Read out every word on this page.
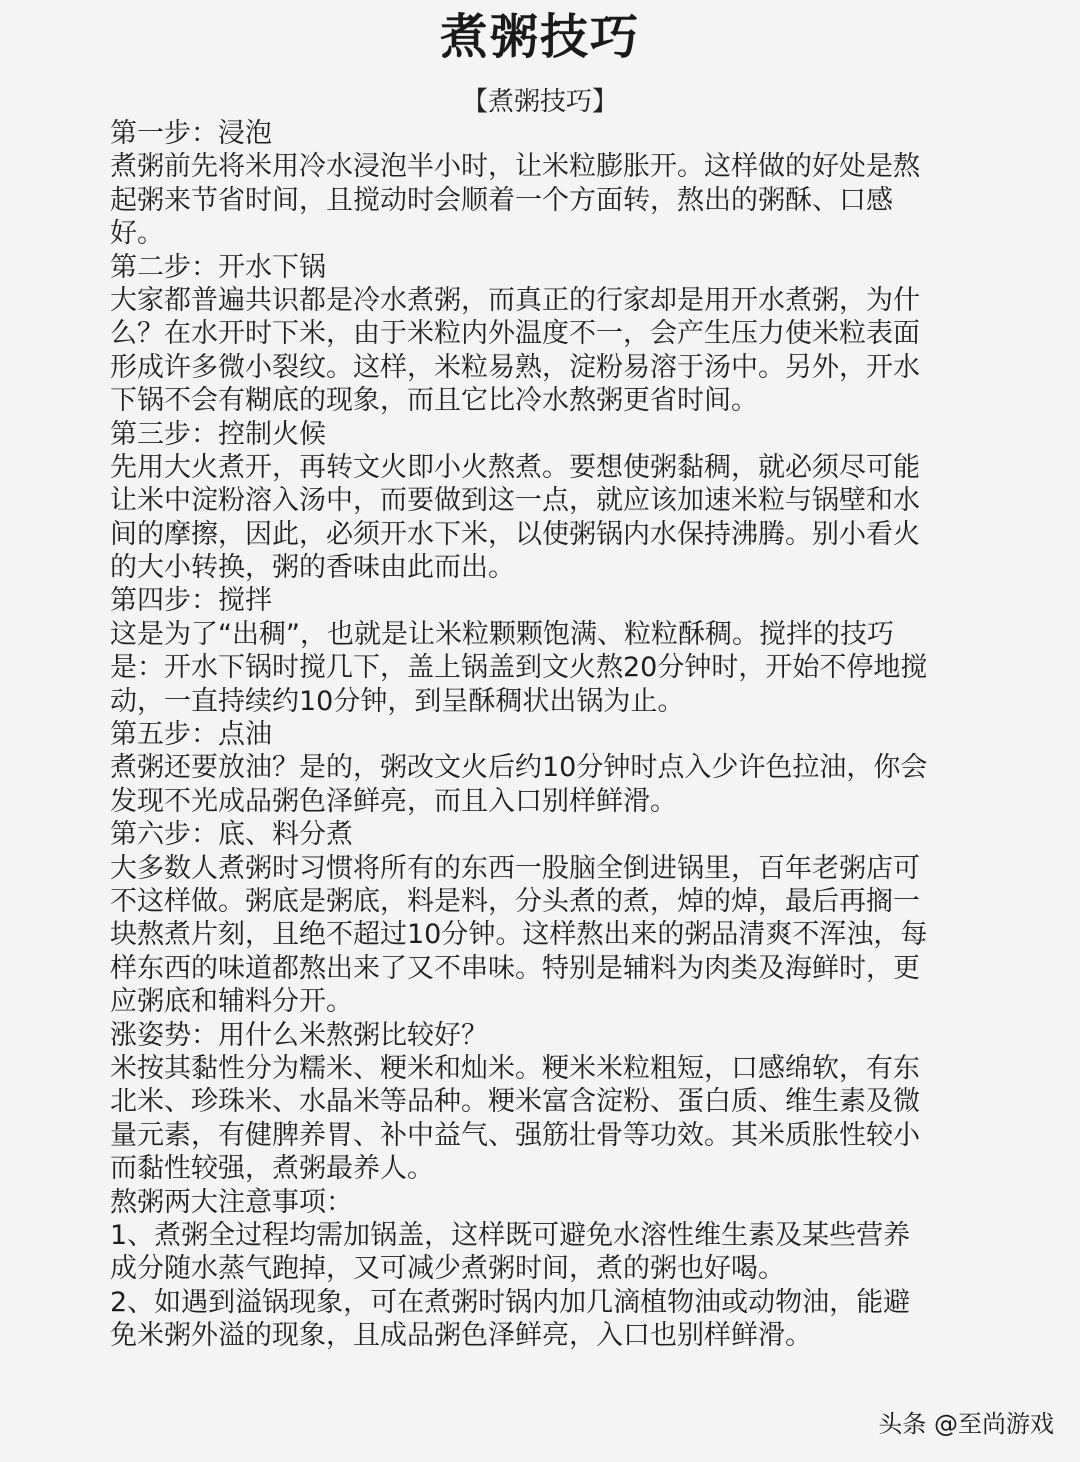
煮粥技巧
【煮粥技巧】
第一步：浸泡
煮粥前先将米用冷水浸泡半小时，让米粒膨胀开。这样做的好处是熬
起粥来节省时间，且搅动时会顺着一个方面转，熬出的粥酥、口感
好。
第二步：开水下锅
大家都普遍共识都是冷水煮粥，而真正的行家却是用开水煮粥，为什
么？在水开时下米，由于米粒内外温度不一，会产生压力使米粒表面
形成许多微小裂纹。这样，米粒易熟，淀粉易溶于汤中。另外，开水
下锅不会有糊底的现象，而且它比冷水熬粥更省时间。
第三步：控制火候
先用大火煮开，再转文火即小火熬煮。要想使粥黏稠，就必须尽可能
让米中淀粉溶入汤中，而要做到这一点，就应该加速米粒与锅壁和水
间的摩擦，因此，必须开水下米，以使粥锅内水保持沸腾。别小看火
的大小转换，粥的香味由此而出。
第四步：搅拌
这是为了“出稠”，也就是让米粒颗颗饱满、粒粒酥稠。搅拌的技巧
是：开水下锅时搅几下，盖上锅盖到文火熬20分钟时，开始不停地搅
动，一直持续约10分钟，到呈酥稠状出锅为止。
第五步：点油
煮粥还要放油？是的，粥改文火后约10分钟时点入少许色拉油，你会
发现不光成品粥色泽鲜亮，而且入口别样鲜滑。
第六步：底、料分煮
大多数人煮粥时习惯将所有的东西一股脑全倒进锅里，百年老粥店可
不这样做。粥底是粥底，料是料，分头煮的煮，焯的焯，最后再搁一
块熬煮片刻，且绝不超过10分钟。这样熬出来的粥品清爽不浑浊，每
样东西的味道都熬出来了又不串味。特别是辅料为肉类及海鲜时，更
应粥底和辅料分开。
涨姿势：用什么米熬粥比较好？
米按其黏性分为糯米、粳米和灿米。粳米米粒粗短，口感绵软，有东
北米、珍珠米、水晶米等品种。粳米富含淀粉、蛋白质、维生素及微
量元素，有健脾养胃、补中益气、强筋壮骨等功效。其米质胀性较小
而黏性较强，煮粥最养人。
熬粥两大注意事项：
1、煮粥全过程均需加锅盖，这样既可避免水溶性维生素及某些营养
成分随水蒸气跑掉，又可减少煮粥时间，煮的粥也好喝。
2、如遇到溢锅现象，可在煮粥时锅内加几滴植物油或动物油，能避
免米粥外溢的现象，且成品粥色泽鲜亮，入口也别样鲜滑。
头条 @至尚游戏
